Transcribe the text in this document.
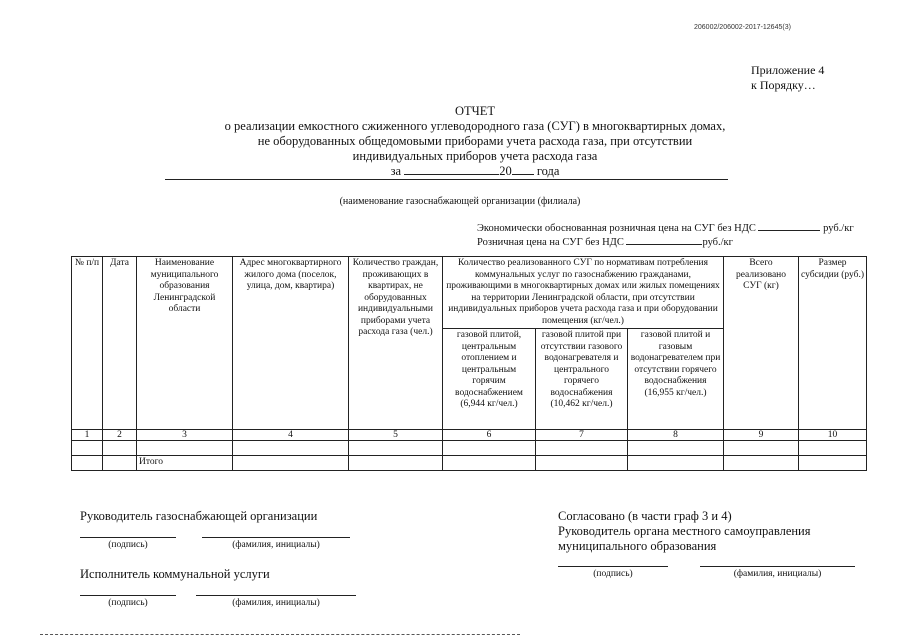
206002/206002-2017-12645(3)
Приложение 4
к Порядку…
ОТЧЕТ
о реализации емкостного сжиженного углеводородного газа (СУГ) в многоквартирных домах,
не оборудованных общедомовыми приборами учета расхода газа, при отсутствии
индивидуальных приборов учета расхода газа
за	20 года
(наименование газоснабжающей организации (филиала)
Экономически обоснованная розничная цена на СУГ без НДС	руб./кг
Розничная цена на СУГ без НДС	руб./кг
№ п/п	Дата	Наименование муниципального образования Ленинградской области	Адрес многоквартирного жилого дома (поселок, улица, дом, квартира)	Количество граждан, проживающих в квартирах, не оборудованных индивидуальными приборами учета расхода газа (чел.)	Количество реализованного СУГ по нормативам потребления коммунальных услуг по газоснабжению гражданами, проживающими в многоквартирных домах или жилых помещениях на территории Ленинградской области, при отсутствии индивидуальных приборов учета расхода газа и при оборудовании помещения (кг/чел.)			Всего реализовано СУГ (кг)	Размер субсидии (руб.)
					газовой плитой, центральным отоплением и центральным горячим водоснабжением (6,944 кг/чел.)	газовой плитой при отсутствии газового водонагревателя и центрального горячего водоснабжения (10,462 кг/чел.)	газовой плитой и газовым водонагревателем при отсутствии горячего водоснабжения (16,955 кг/чел.)		
1	2	3	4	5	6	7	8	9	10

		Итого							
Руководитель газоснабжающей организации
(подпись)	(фамилия, инициалы)
Исполнитель коммунальной услуги
(подпись)	(фамилия, инициалы)
Согласовано (в части граф 3 и 4)
Руководитель органа местного самоуправления
муниципального образования
(подпись)	(фамилия, инициалы)
